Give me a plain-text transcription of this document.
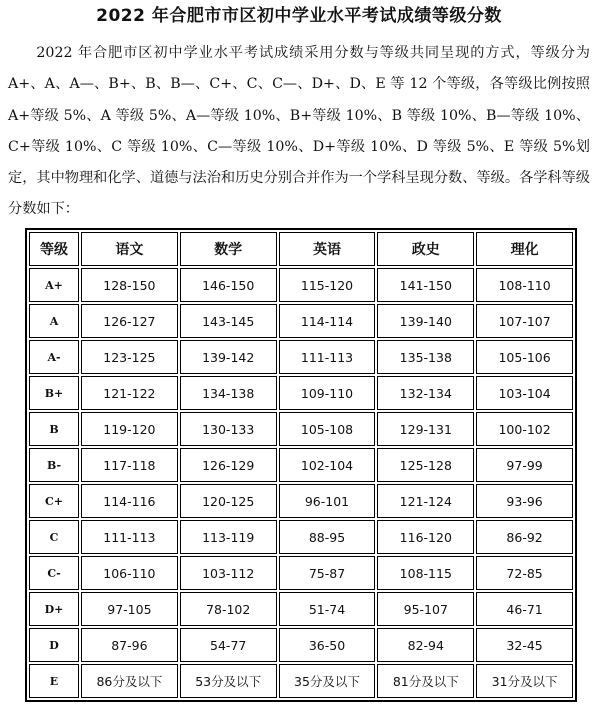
2022 年合肥市市区初中学业水平考试成绩等级分数

2022 年合肥市区初中学业水平考试成绩采用分数与等级共同呈现的方式，等级分为 A+、A、A—、B+、B、B—、C+、C、C—、D+、D、E 等 12 个等级，各等级比例按照 A+等级 5%、A 等级 5%、A—等级 10%、B+等级 10%、B 等级 10%、B—等级 10%、C+等级 10%、C 等级 10%、C—等级 10%、D+等级 10%、D 等级 5%、E 等级 5%划定，其中物理和化学、道德与法治和历史分别合并作为一个学科呈现分数、等级。各学科等级分数如下：

等级	语文	数学	英语	政史	理化
A+	128-150	146-150	115-120	141-150	108-110
A	126-127	143-145	114-114	139-140	107-107
A-	123-125	139-142	111-113	135-138	105-106
B+	121-122	134-138	109-110	132-134	103-104
B	119-120	130-133	105-108	129-131	100-102
B-	117-118	126-129	102-104	125-128	97-99
C+	114-116	120-125	96-101	121-124	93-96
C	111-113	113-119	88-95	116-120	86-92
C-	106-110	103-112	75-87	108-115	72-85
D+	97-105	78-102	51-74	95-107	46-71
D	87-96	54-77	36-50	82-94	32-45
E	86分及以下	53分及以下	35分及以下	81分及以下	31分及以下
